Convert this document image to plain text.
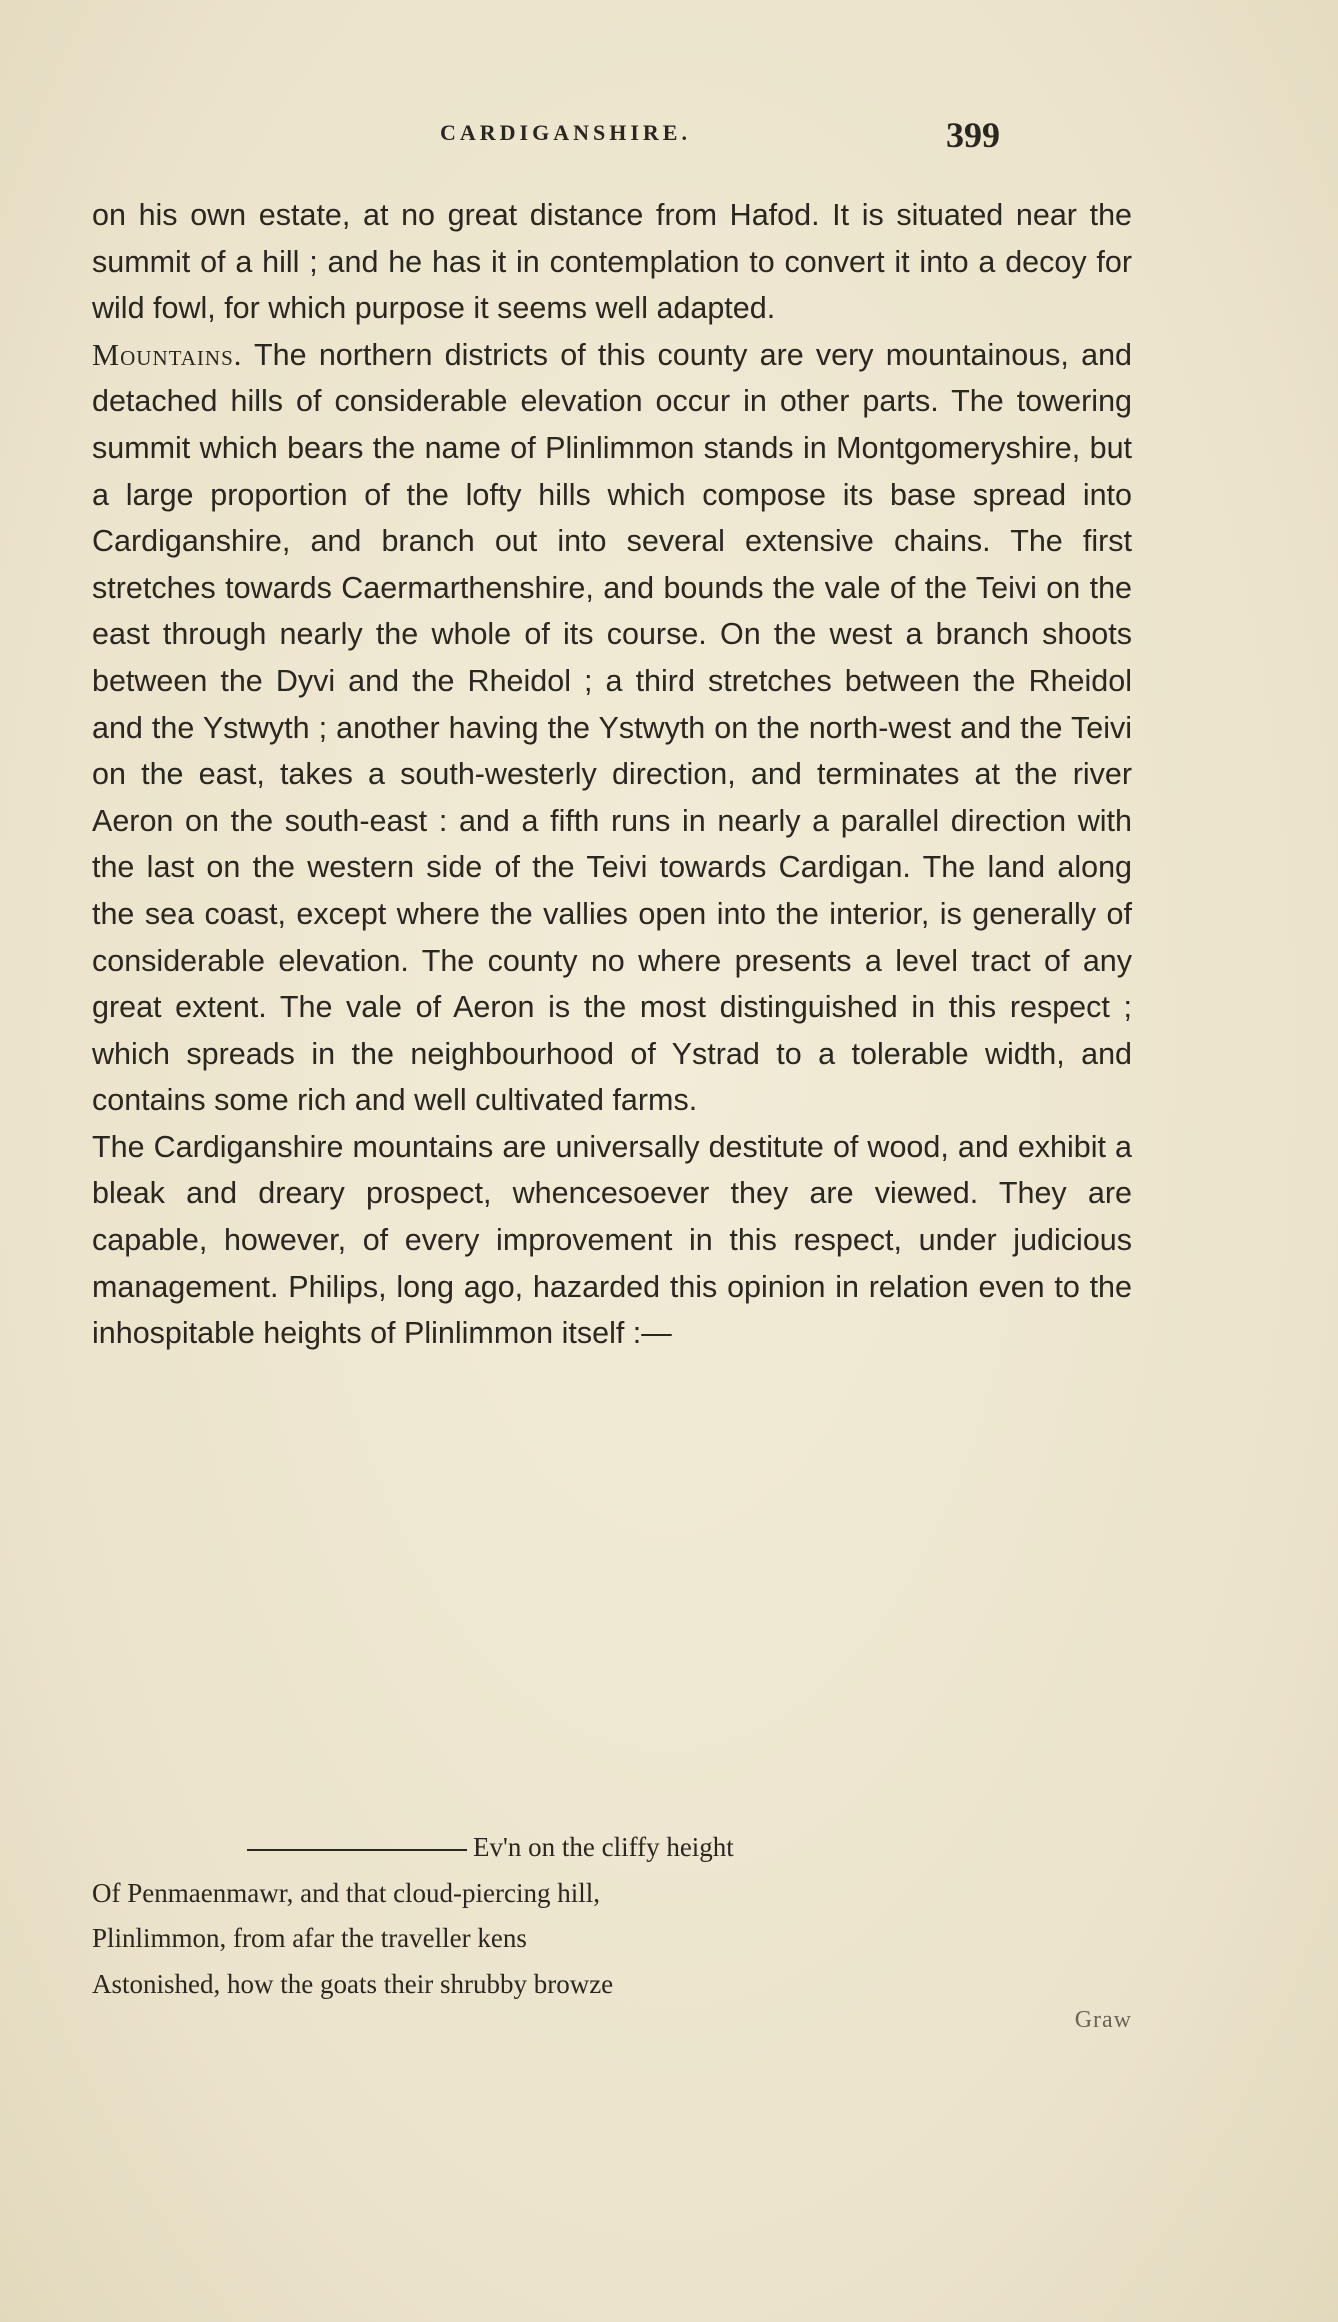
CARDIGANSHIRE.	399

on his own estate, at no great distance from Hafod. It is situated near the summit of a hill ; and he has it in contemplation to convert it into a decoy for wild fowl, for which purpose it seems well adapted.

Mountains. The northern districts of this county are very mountainous, and detached hills of considerable elevation occur in other parts. The towering summit which bears the name of Plinlimmon stands in Montgomeryshire, but a large proportion of the lofty hills which compose its base spread into Cardiganshire, and branch out into several extensive chains. The first stretches towards Caermarthenshire, and bounds the vale of the Teivi on the east through nearly the whole of its course. On the west a branch shoots between the Dyvi and the Rheidol ; a third stretches between the Rheidol and the Ystwyth ; another having the Ystwyth on the north-west and the Teivi on the east, takes a south-westerly direction, and terminates at the river Aeron on the south-east : and a fifth runs in nearly a parallel direction with the last on the western side of the Teivi towards Cardigan. The land along the sea coast, except where the vallies open into the interior, is generally of considerable elevation. The county no where presents a level tract of any great extent. The vale of Aeron is the most distinguished in this respect ; which spreads in the neighbourhood of Ystrad to a tolerable width, and contains some rich and well cultivated farms.

The Cardiganshire mountains are universally destitute of wood, and exhibit a bleak and dreary prospect, whencesoever they are viewed. They are capable, however, of every improvement in this respect, under judicious management. Philips, long ago, hazarded this opinion in relation even to the inhospitable heights of Plinlimmon itself :—

Ev'n on the cliffy height
Of Penmaenmawr, and that cloud-piercing hill,
Plinlimmon, from afar the traveller kens
Astonished, how the goats their shrubby browze
Graw
